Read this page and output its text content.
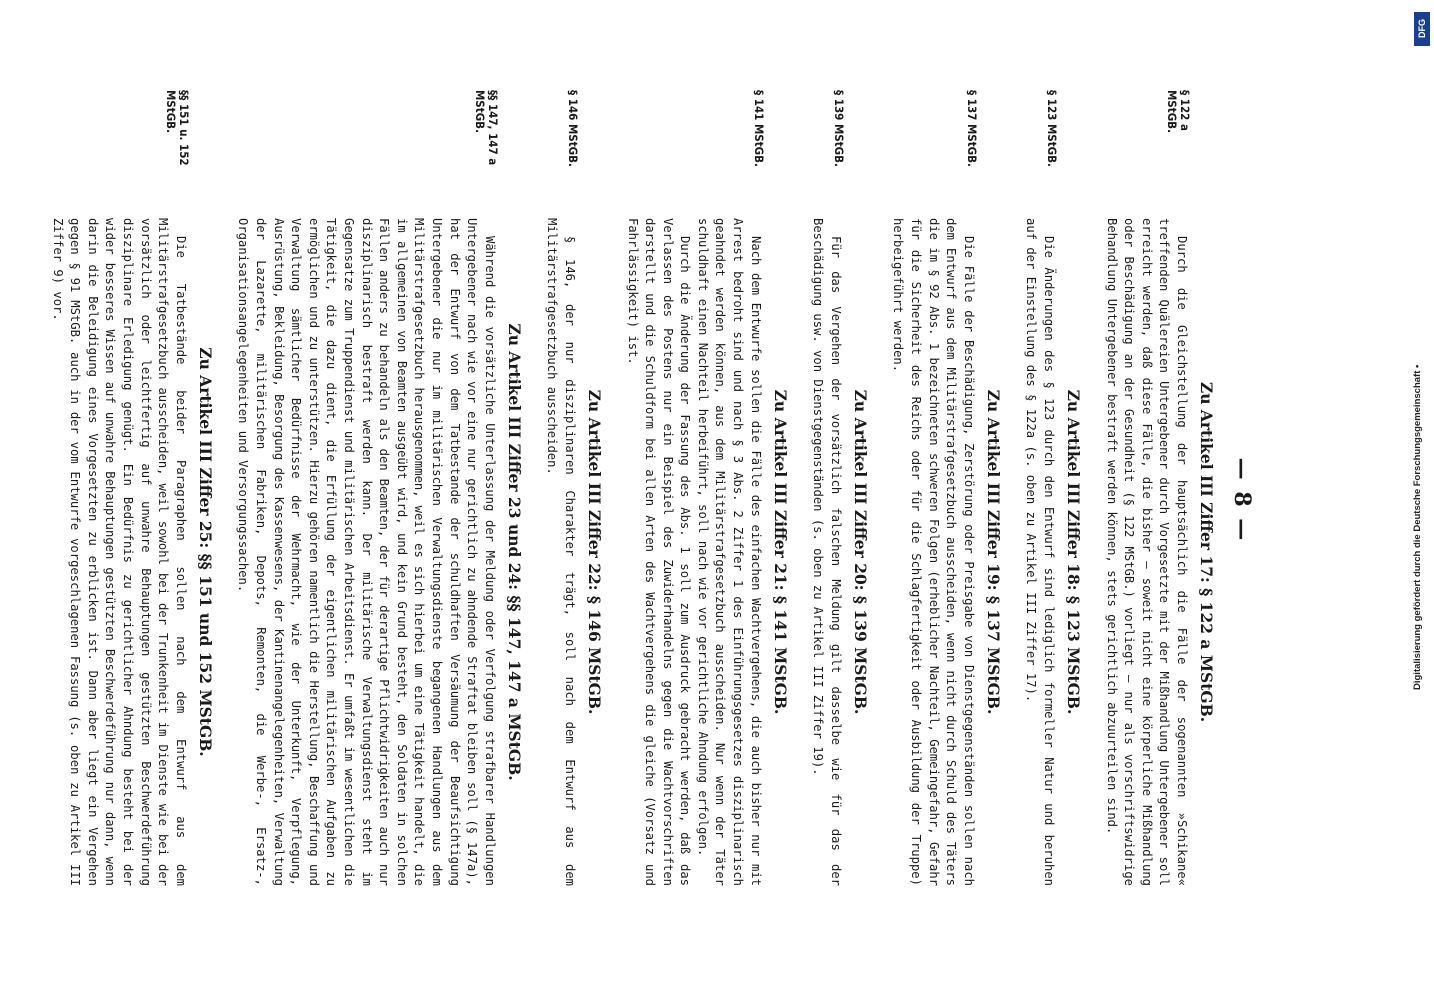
DFG
Digitalisierung gefördert durch die Deutsche Forschungsgemeinschaft •
— 8 —
§ 122 a
MStGB.
Zu Artikel III Ziffer 17: § 122 a MStGB.

Durch die Gleichstellung der hauptsächlich die Fälle der sogenannten »Schikane« treffenden Quälereien Untergebener durch Vorgesetzte mit der Mißhandlung Untergebener soll erreicht werden, daß diese Fälle, die bisher — soweit nicht eine körperliche Mißhandlung oder Beschädigung an der Gesundheit (§ 122 MStGB.) vorliegt — nur als vorschriftswidrige Behandlung Untergebener bestraft werden können, stets gerichtlich abzuurteilen sind.

§ 123 MStGB.
Zu Artikel III Ziffer 18: § 123 MStGB.

Die Änderungen des § 123 durch den Entwurf sind lediglich formeller Natur und beruhen auf der Einstellung des § 122a (s. oben zu Artikel III Ziffer 17).

§ 137 MStGB.
Zu Artikel III Ziffer 19: § 137 MStGB.

Die Fälle der Beschädigung, Zerstörung oder Preisgabe von Dienstgegenständen sollen nach dem Entwurf aus dem Militärstrafgesetzbuch ausscheiden, wenn nicht durch Schuld des Täters die im § 92 Abs. 1 bezeichneten schweren Folgen (erheblicher Nachteil, Gemeingefahr, Gefahr für die Sicherheit des Reichs oder für die Schlagfertigkeit oder Ausbildung der Truppe) herbeigeführt werden.

§ 139 MStGB.
Zu Artikel III Ziffer 20: § 139 MStGB.

Für das Vergehen der vorsätzlich falschen Meldung gilt dasselbe wie für das der Beschädigung usw. von Dienstgegenständen (s. oben zu Artikel III Ziffer 19).

§ 141 MStGB.
Zu Artikel III Ziffer 21: § 141 MStGB.

Nach dem Entwurfe sollen die Fälle des einfachen Wachtvergehens, die auch bisher nur mit Arrest bedroht sind und nach § 3 Abs. 2 Ziffer 1 des Einführungsgesetzes disziplinarisch geahndet werden können, aus dem Militärstrafgesetzbuch ausscheiden. Nur wenn der Täter schuldhaft einen Nachteil herbeiführt, soll nach wie vor gerichtliche Ahndung erfolgen.

Durch die Änderung der Fassung des Abs. 1 soll zum Ausdruck gebracht werden, daß das Verlassen des Postens nur ein Beispiel des Zuwiderhandelns gegen die Wachtvorschriften darstellt und die Schuldform bei allen Arten des Wachtvergehens die gleiche (Vorsatz und Fahrlässigkeit) ist.

§ 146 MStGB.
Zu Artikel III Ziffer 22: § 146 MStGB.

§ 146, der nur disziplinaren Charakter trägt, soll nach dem Entwurf aus dem Militärstrafgesetzbuch ausscheiden.

§§ 147, 147 a
MStGB.
Zu Artikel III Ziffer 23 und 24: §§ 147, 147 a MStGB.

Während die vorsätzliche Unterlassung der Meldung oder Verfolgung strafbarer Handlungen Untergebener nach wie vor eine nur gerichtlich zu ahndende Straftat bleiben soll (§ 147a), hat der Entwurf von dem Tatbestande der schuldhaften Versäumung der Beaufsichtigung Untergebener die nur im militärischen Verwaltungsdienste begangenen Handlungen aus dem Militärstrafgesetzbuch herausgenommen, weil es sich hierbei um eine Tätigkeit handelt, die im allgemeinen von Beamten ausgeübt wird, und kein Grund besteht, den Soldaten in solchen Fällen anders zu behandeln als den Beamten, der für derartige Pflichtwidrigkeiten auch nur disziplinarisch bestraft werden kann. Der militärische Verwaltungsdienst steht im Gegensatze zum Truppendienst und militärischen Arbeitsdienst. Er umfaßt im wesentlichen die Tätigkeit, die dazu dient, die Erfüllung der eigentlichen militärischen Aufgaben zu ermöglichen und zu unterstützen. Hierzu gehören namentlich die Herstellung, Beschaffung und Verwaltung sämtlicher Bedürfnisse der Wehrmacht, wie der Unterkunft, Verpflegung, Ausrüstung, Bekleidung, Besorgung des Kassenwesens, der Kantinenangelegenheiten, Verwaltung der Lazarette, militärischen Fabriken, Depots, Remonten, die Werbe-, Ersatz-, Organisationsangelegenheiten und Versorgungssachen.

§§ 151 u. 152
MStGB.
Zu Artikel III Ziffer 25: §§ 151 und 152 MStGB.

Die Tatbestände beider Paragraphen sollen nach dem Entwurf aus dem Militärstrafgesetzbuch ausscheiden, weil sowohl bei der Trunkenheit im Dienste wie bei der vorsätzlich oder leichtfertig auf unwahre Behauptungen gestützten Beschwerdeführung disziplinare Erledigung genügt. Ein Bedürfnis zu gerichtlicher Ahndung besteht bei der wider besseres Wissen auf unwahre Behauptungen gestützten Beschwerdeführung nur dann, wenn darin die Beleidigung eines Vorgesetzten zu erblicken ist. Dann aber liegt ein Vergehen gegen § 91 MStGB. auch in der vom Entwurfe vorgeschlagenen Fassung (s. oben zu Artikel III Ziffer 9) vor.
